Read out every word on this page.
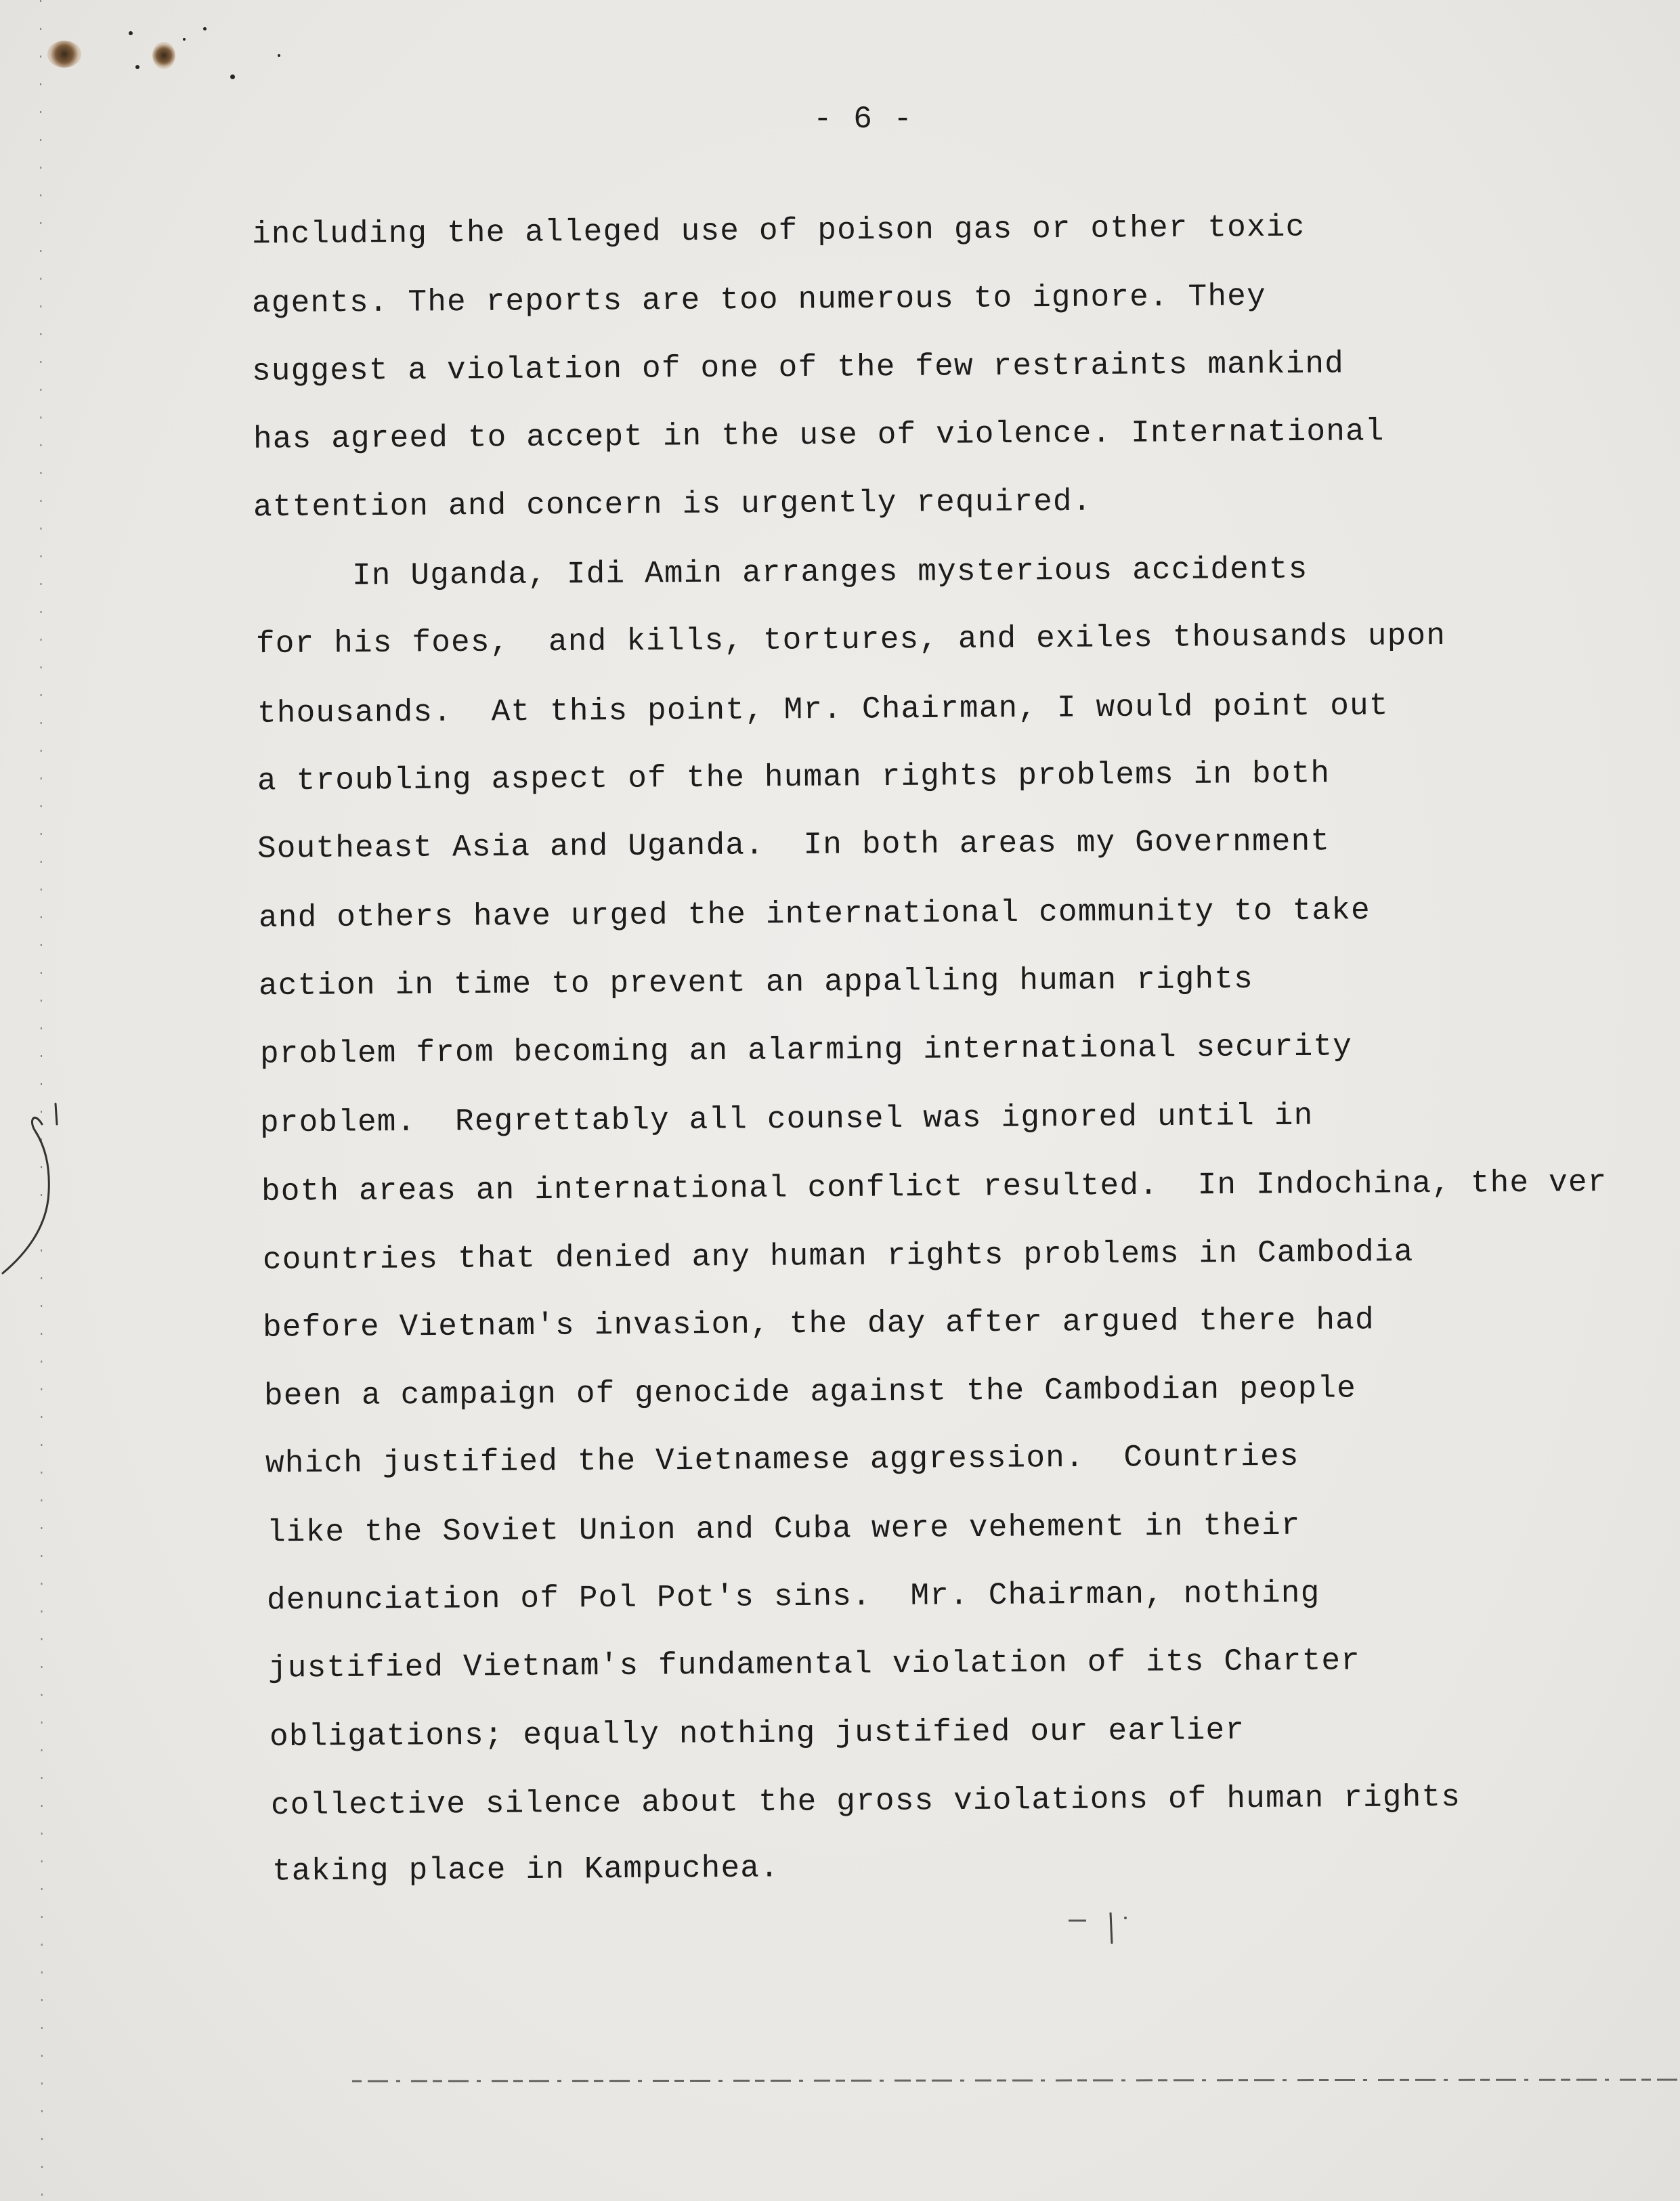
- 6 -
including the alleged use of poison gas or other toxic
agents. The reports are too numerous to ignore. They
suggest a violation of one of the few restraints mankind
has agreed to accept in the use of violence. International
attention and concern is urgently required.
In Uganda, Idi Amin arranges mysterious accidents
for his foes,  and kills, tortures, and exiles thousands upon
thousands.  At this point, Mr. Chairman, I would point out
a troubling aspect of the human rights problems in both
Southeast Asia and Uganda.  In both areas my Government
and others have urged the international community to take
action in time to prevent an appalling human rights
problem from becoming an alarming international security
problem.  Regrettably all counsel was ignored until in
both areas an international conflict resulted.  In Indochina, the ver
countries that denied any human rights problems in Cambodia
before Vietnam's invasion, the day after argued there had
been a campaign of genocide against the Cambodian people
which justified the Vietnamese aggression.  Countries
like the Soviet Union and Cuba were vehement in their
denunciation of Pol Pot's sins.  Mr. Chairman, nothing
justified Vietnam's fundamental violation of its Charter
obligations; equally nothing justified our earlier
collective silence about the gross violations of human rights
taking place in Kampuchea.
